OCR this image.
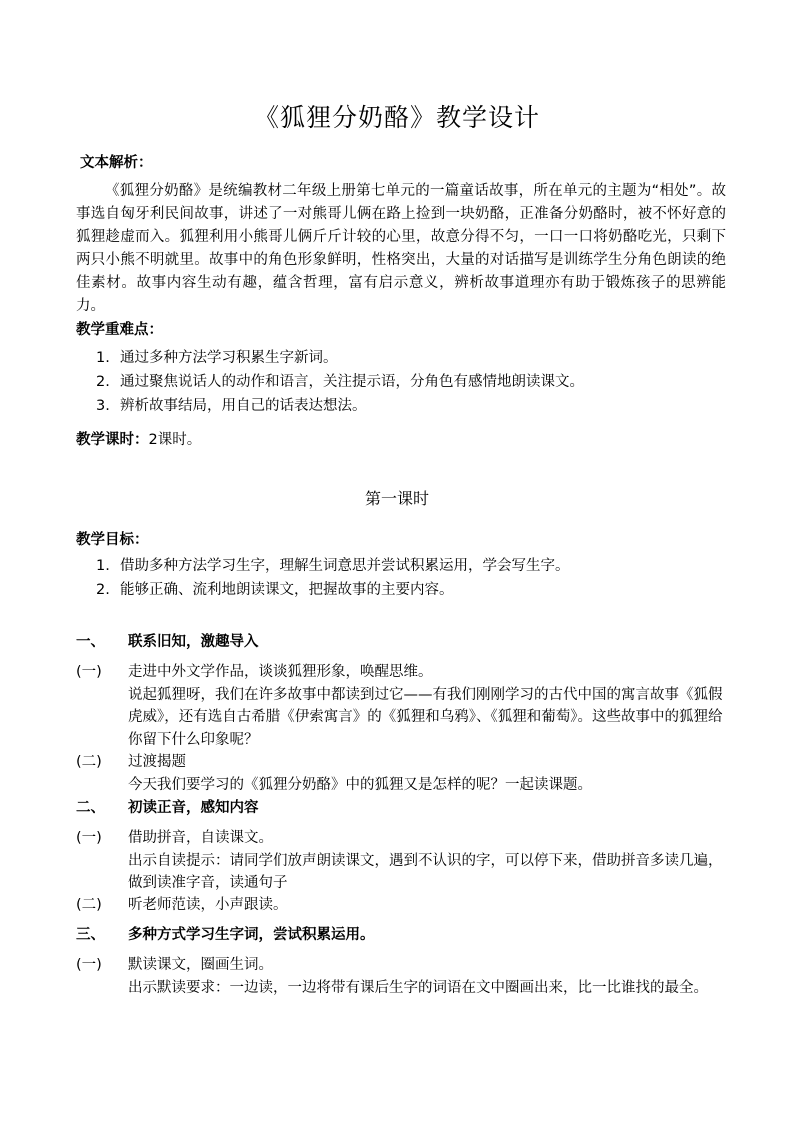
《狐狸分奶酪》教学设计
文本解析：
《狐狸分奶酪》是统编教材二年级上册第七单元的一篇童话故事，所在单元的主题为“相处”。故事选自匈牙利民间故事，讲述了一对熊哥儿俩在路上捡到一块奶酪，正准备分奶酪时，被不怀好意的狐狸趁虚而入。狐狸利用小熊哥儿俩斤斤计较的心里，故意分得不匀，一口一口将奶酪吃光，只剩下两只小熊不明就里。故事中的角色形象鲜明，性格突出，大量的对话描写是训练学生分角色朗读的绝佳素材。故事内容生动有趣，蕴含哲理，富有启示意义，辨析故事道理亦有助于锻炼孩子的思辨能力。
教学重难点：
1. 通过多种方法学习积累生字新词。
2. 通过聚焦说话人的动作和语言，关注提示语，分角色有感情地朗读课文。
3. 辨析故事结局，用自己的话表达想法。
教学课时：2课时。
第一课时
教学目标：
1. 借助多种方法学习生字，理解生词意思并尝试积累运用，学会写生字。
2. 能够正确、流利地朗读课文，把握故事的主要内容。
一、 联系旧知，激趣导入
(一)	走进中外文学作品，谈谈狐狸形象，唤醒思维。
说起狐狸呀，我们在许多故事中都读到过它——有我们刚刚学习的古代中国的寓言故事《狐假虎威》，还有选自古希腊《伊索寓言》的《狐狸和乌鸦》、《狐狸和葡萄》。这些故事中的狐狸给你留下什么印象呢？
(二)	过渡揭题
今天我们要学习的《狐狸分奶酪》中的狐狸又是怎样的呢？一起读课题。
二、 初读正音，感知内容
(一)	借助拼音，自读课文。
出示自读提示：请同学们放声朗读课文，遇到不认识的字，可以停下来，借助拼音多读几遍，做到读准字音，读通句子
(二)	听老师范读，小声跟读。
三、 多种方式学习生字词，尝试积累运用。
(一)	默读课文，圈画生词。
出示默读要求：一边读，一边将带有课后生字的词语在文中圈画出来，比一比谁找的最全。
